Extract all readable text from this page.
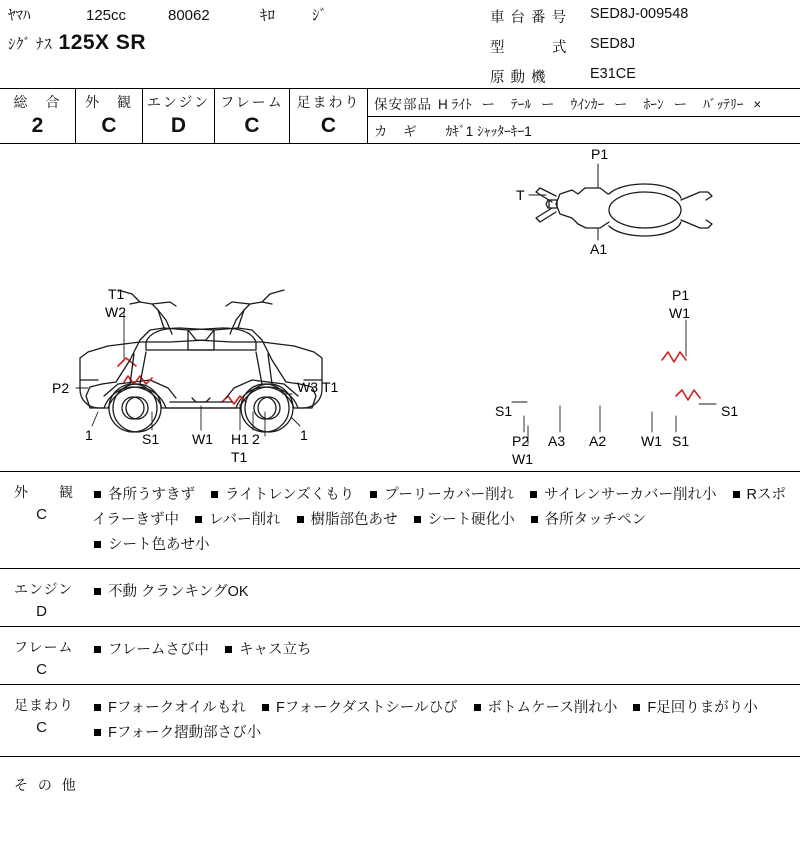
ﾔﾏﾊ	125cc	80062	ｷﾛ	ｼﾞ
ｼｸﾞ ﾅｽ 125X SR
車 台 番 号	SED8J-009548
型　　　式	SED8J
原 動 機	E31CE
総　合
2
外　観
C
エンジン
D
フレーム
C
足まわり
C
保安部品 H ﾗｲﾄ ー ﾃｰﾙ ー ｳｲﾝｶｰ ー ﾎｰﾝ ー ﾊﾞｯﾃﾘｰ ×
カ　ギ ｶｷﾞ1 ｼｬｯﾀｰｷｰ1
P1
T
A1
T1
W2
P2
1	S1 W1 H1 2
T1
W3 T1
1
P1
W1
S1	S1
P2 A3 A2 W1 S1
W1
外　　観
C
各所うすきず ライトレンズくもり プーリーカバー削れ サイレンサーカバー削れ小 Rスポイラーきず中 レバー削れ 樹脂部色あせ シート硬化小 各所タッチペン シート色あせ小
エンジン
D
不動 クランキングOK
フレーム
C
フレームさび中 キャス立ち
足まわり
C
Fフォークオイルもれ Fフォークダストシールひび ボトムケース削れ小 F足回りまがり小 Fフォーク摺動部さび小
そ の 他
